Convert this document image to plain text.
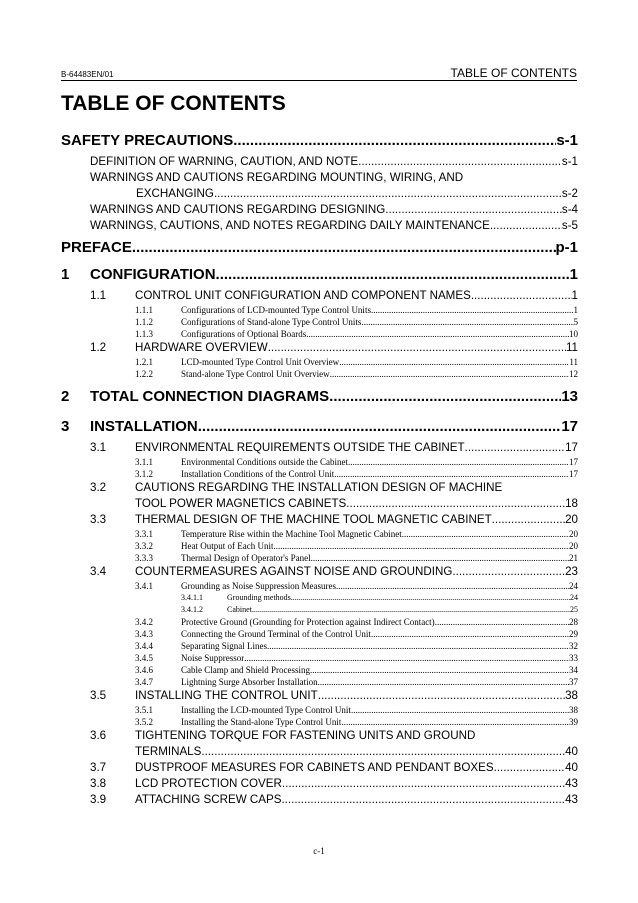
B-64483EN/01	TABLE OF CONTENTS
TABLE OF CONTENTS
SAFETY PRECAUTIONS .....	s-1
DEFINITION OF WARNING, CAUTION, AND NOTE .....	s-1
WARNINGS AND CAUTIONS REGARDING MOUNTING, WIRING, AND
EXCHANGING .....	s-2
WARNINGS AND CAUTIONS REGARDING DESIGNING .....	s-4
WARNINGS, CAUTIONS, AND NOTES REGARDING DAILY MAINTENANCE .....	s-5
PREFACE .....	p-1
1	CONFIGURATION .....	1
1.1	CONTROL UNIT CONFIGURATION AND COMPONENT NAMES .....	1
1.1.1	Configurations of LCD-mounted Type Control Units .....	1
1.1.2	Configurations of Stand-alone Type Control Units .....	5
1.1.3	Configurations of Optional Boards .....	10
1.2	HARDWARE OVERVIEW .....	11
1.2.1	LCD-mounted Type Control Unit Overview .....	11
1.2.2	Stand-alone Type Control Unit Overview .....	12
2	TOTAL CONNECTION DIAGRAMS .....	13
3	INSTALLATION .....	17
3.1	ENVIRONMENTAL REQUIREMENTS OUTSIDE THE CABINET .....	17
3.1.1	Environmental Conditions outside the Cabinet .....	17
3.1.2	Installation Conditions of the Control Unit .....	17
3.2	CAUTIONS REGARDING THE INSTALLATION DESIGN OF MACHINE
TOOL POWER MAGNETICS CABINETS .....	18
3.3	THERMAL DESIGN OF THE MACHINE TOOL MAGNETIC CABINET .....	20
3.3.1	Temperature Rise within the Machine Tool Magnetic Cabinet .....	20
3.3.2	Heat Output of Each Unit .....	20
3.3.3	Thermal Design of Operator's Panel .....	21
3.4	COUNTERMEASURES AGAINST NOISE AND GROUNDING .....	23
3.4.1	Grounding as Noise Suppression Measures .....	24
3.4.1.1	Grounding methods .....	24
3.4.1.2	Cabinet .....	25
3.4.2	Protective Ground (Grounding for Protection against Indirect Contact) .....	28
3.4.3	Connecting the Ground Terminal of the Control Unit .....	29
3.4.4	Separating Signal Lines .....	32
3.4.5	Noise Suppressor .....	33
3.4.6	Cable Clamp and Shield Processing .....	34
3.4.7	Lightning Surge Absorber Installation .....	37
3.5	INSTALLING THE CONTROL UNIT .....	38
3.5.1	Installing the LCD-mounted Type Control Unit .....	38
3.5.2	Installing the Stand-alone Type Control Unit .....	39
3.6	TIGHTENING TORQUE FOR FASTENING UNITS AND GROUND
TERMINALS .....	40
3.7	DUSTPROOF MEASURES FOR CABINETS AND PENDANT BOXES .....	40
3.8	LCD PROTECTION COVER .....	43
3.9	ATTACHING SCREW CAPS .....	43
c-1
